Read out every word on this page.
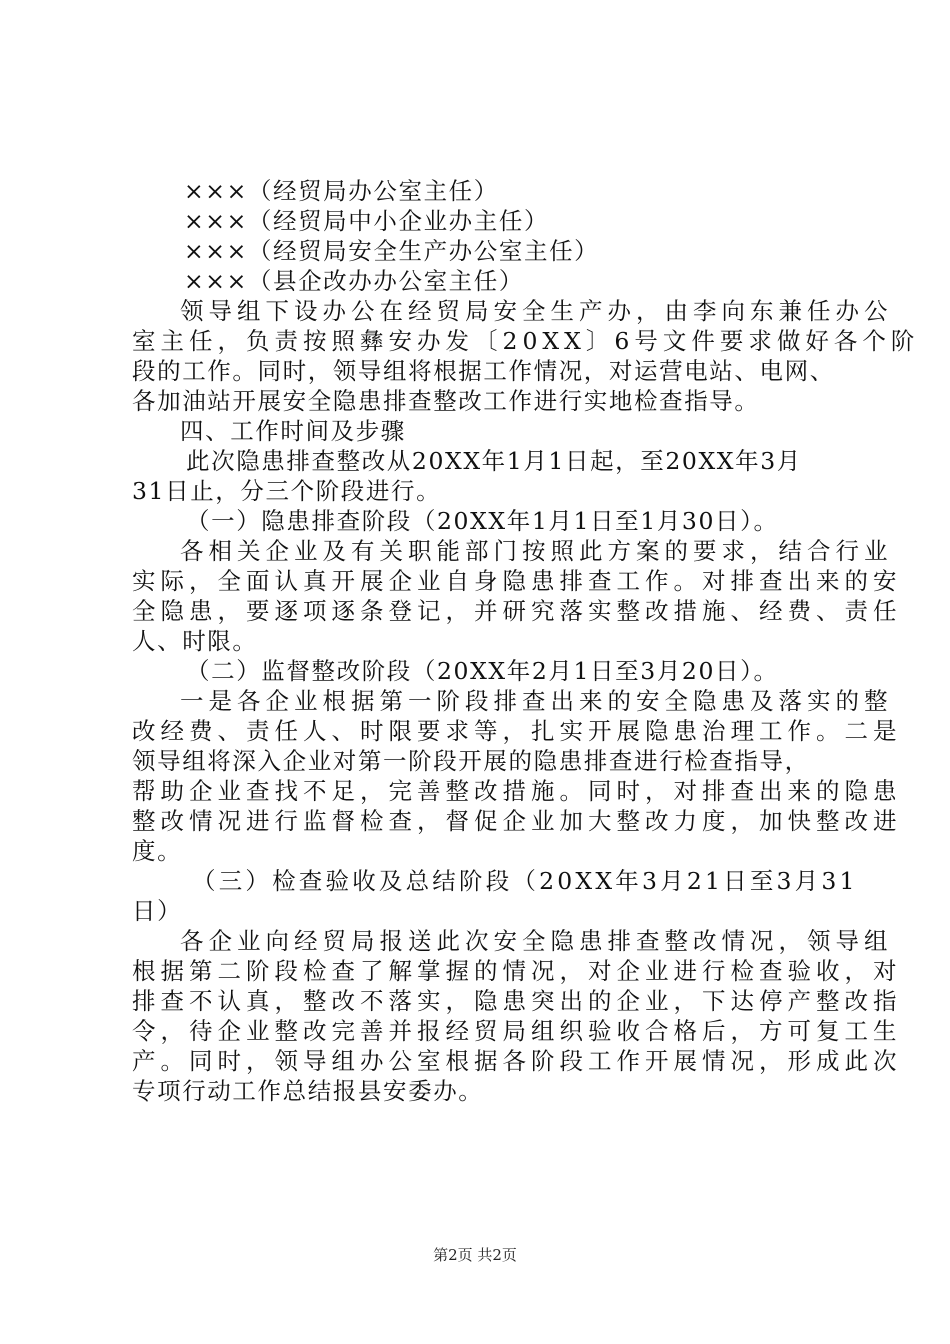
×××（经贸局办公室主任）
×××（经贸局中小企业办主任）
×××（经贸局安全生产办公室主任）
×××（县企改办办公室主任）
领导组下设办公在经贸局安全生产办，由李向东兼任办公
室主任，负责按照彝安办发〔20XX〕6号文件要求做好各个阶
段的工作。同时，领导组将根据工作情况，对运营电站、电网、
各加油站开展安全隐患排查整改工作进行实地检查指导。
四、工作时间及步骤
此次隐患排查整改从20XX年1月1日起，至20XX年3月
31日止，分三个阶段进行。
（一）隐患排查阶段（20XX年1月1日至1月30日）。
各相关企业及有关职能部门按照此方案的要求，结合行业
实际，全面认真开展企业自身隐患排查工作。对排查出来的安
全隐患，要逐项逐条登记，并研究落实整改措施、经费、责任
人、时限。
（二）监督整改阶段（20XX年2月1日至3月20日）。
一是各企业根据第一阶段排查出来的安全隐患及落实的整
改经费、责任人、时限要求等，扎实开展隐患治理工作。二是
领导组将深入企业对第一阶段开展的隐患排查进行检查指导，
帮助企业查找不足，完善整改措施。同时，对排查出来的隐患
整改情况进行监督检查，督促企业加大整改力度，加快整改进
度。
（三）检查验收及总结阶段（20XX年3月21日至3月31
日）
各企业向经贸局报送此次安全隐患排查整改情况，领导组
根据第二阶段检查了解掌握的情况，对企业进行检查验收，对
排查不认真，整改不落实，隐患突出的企业，下达停产整改指
令，待企业整改完善并报经贸局组织验收合格后，方可复工生
产。同时，领导组办公室根据各阶段工作开展情况，形成此次
专项行动工作总结报县安委办。
第2页 共2页
